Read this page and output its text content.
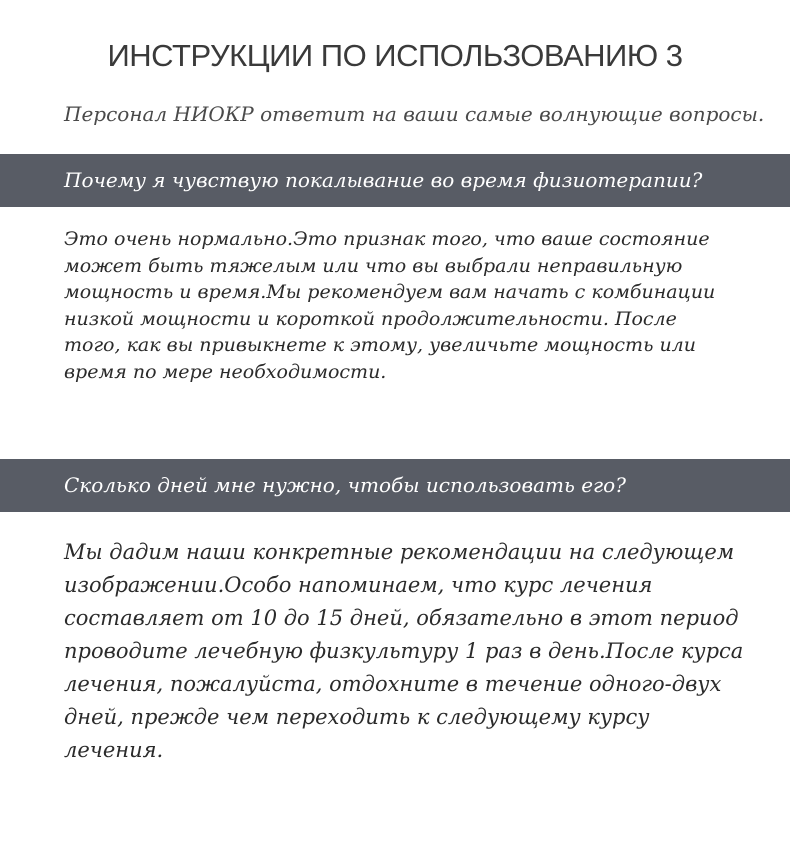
ИНСТРУКЦИИ ПО ИСПОЛЬЗОВАНИЮ 3

Персонал НИОКР ответит на ваши самые волнующие вопросы.

Почему я чувствую покалывание во время физиотерапии?

Это очень нормально.Это признак того, что ваше состояние может быть тяжелым или что вы выбрали неправильную мощность и время.Мы рекомендуем вам начать с комбинации низкой мощности и короткой продолжительности. После того, как вы привыкнете к этому, увеличьте мощность или время по мере необходимости.

Сколько дней мне нужно, чтобы использовать его?

Мы дадим наши конкретные рекомендации на следующем изображении.Особо напоминаем, что курс лечения составляет от 10 до 15 дней, обязательно в этот период проводите лечебную физкультуру 1 раз в день.После курса лечения, пожалуйста, отдохните в течение одного-двух дней, прежде чем переходить к следующему курсу лечения.
